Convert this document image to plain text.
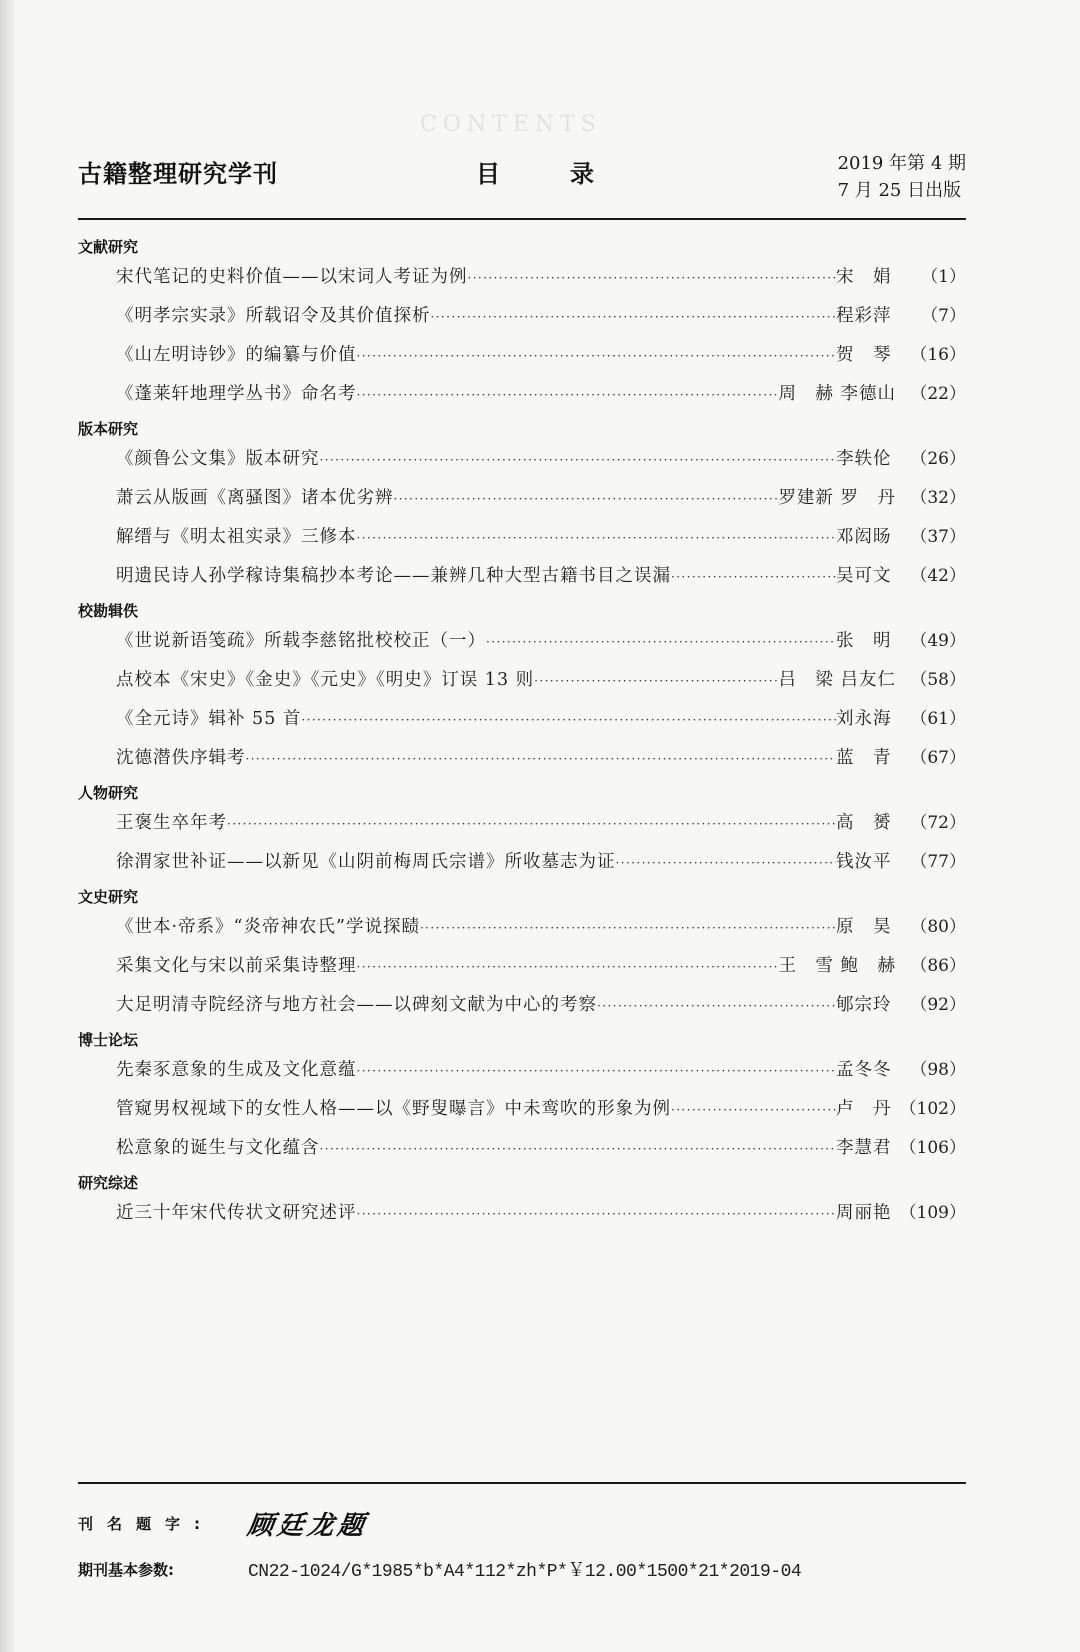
CONTENTS
古籍整理研究学刊	目录	2019 年第 4 期
7 月 25 日出版
文献研究
宋代笔记的史料价值——以宋词人考证为例 ·····	宋　娟	（1）
《明孝宗实录》所载诏令及其价值探析 ·····	程彩萍	（7）
《山左明诗钞》的编纂与价值 ·····	贺　琴	（16）
《蓬莱轩地理学丛书》命名考 ·····	周　赫 李德山 （22）
版本研究
《颜鲁公文集》版本研究 ·····	李轶伦	（26）
萧云从版画《离骚图》诸本优劣辨 ·····	罗建新 罗　丹 （32）
解缙与《明太祖实录》三修本 ·····	邓闳旸	（37）
明遗民诗人孙学稼诗集稿抄本考论——兼辨几种大型古籍书目之误漏 ·····	吴可文	（42）
校勘辑佚
《世说新语笺疏》所载李慈铭批校校正（一） ·····	张　明	（49）
点校本《宋史》《金史》《元史》《明史》订误 13 则 ·····	吕　梁 吕友仁 （58）
《全元诗》辑补 55 首 ·····	刘永海	（61）
沈德潜佚序辑考 ·····	蓝　青	（67）
人物研究
王褒生卒年考 ·····	高　赟	（72）
徐渭家世补证——以新见《山阴前梅周氏宗谱》所收墓志为证 ·····	钱汝平	（77）
文史研究
《世本·帝系》“炎帝神农氏”学说探赜 ·····	原　昊	（80）
采集文化与宋以前采集诗整理 ·····	王　雪 鲍　赫 （86）
大足明清寺院经济与地方社会——以碑刻文献为中心的考察 ·····	郇宗玲	（92）
博士论坛
先秦豕意象的生成及文化意蕴 ·····	孟冬冬	（98）
管窥男权视域下的女性人格——以《野叟曝言》中未鸾吹的形象为例 ·····	卢　丹 （102）
松意象的诞生与文化蕴含 ·····	李慧君 （106）
研究综述
近三十年宋代传状文研究述评 ·····	周丽艳 （109）
刊名题字:	顾廷龙题
期刊基本参数:	CN22-1024/G*1985*b*A4*112*zh*P*￥12.00*1500*21*2019-04
